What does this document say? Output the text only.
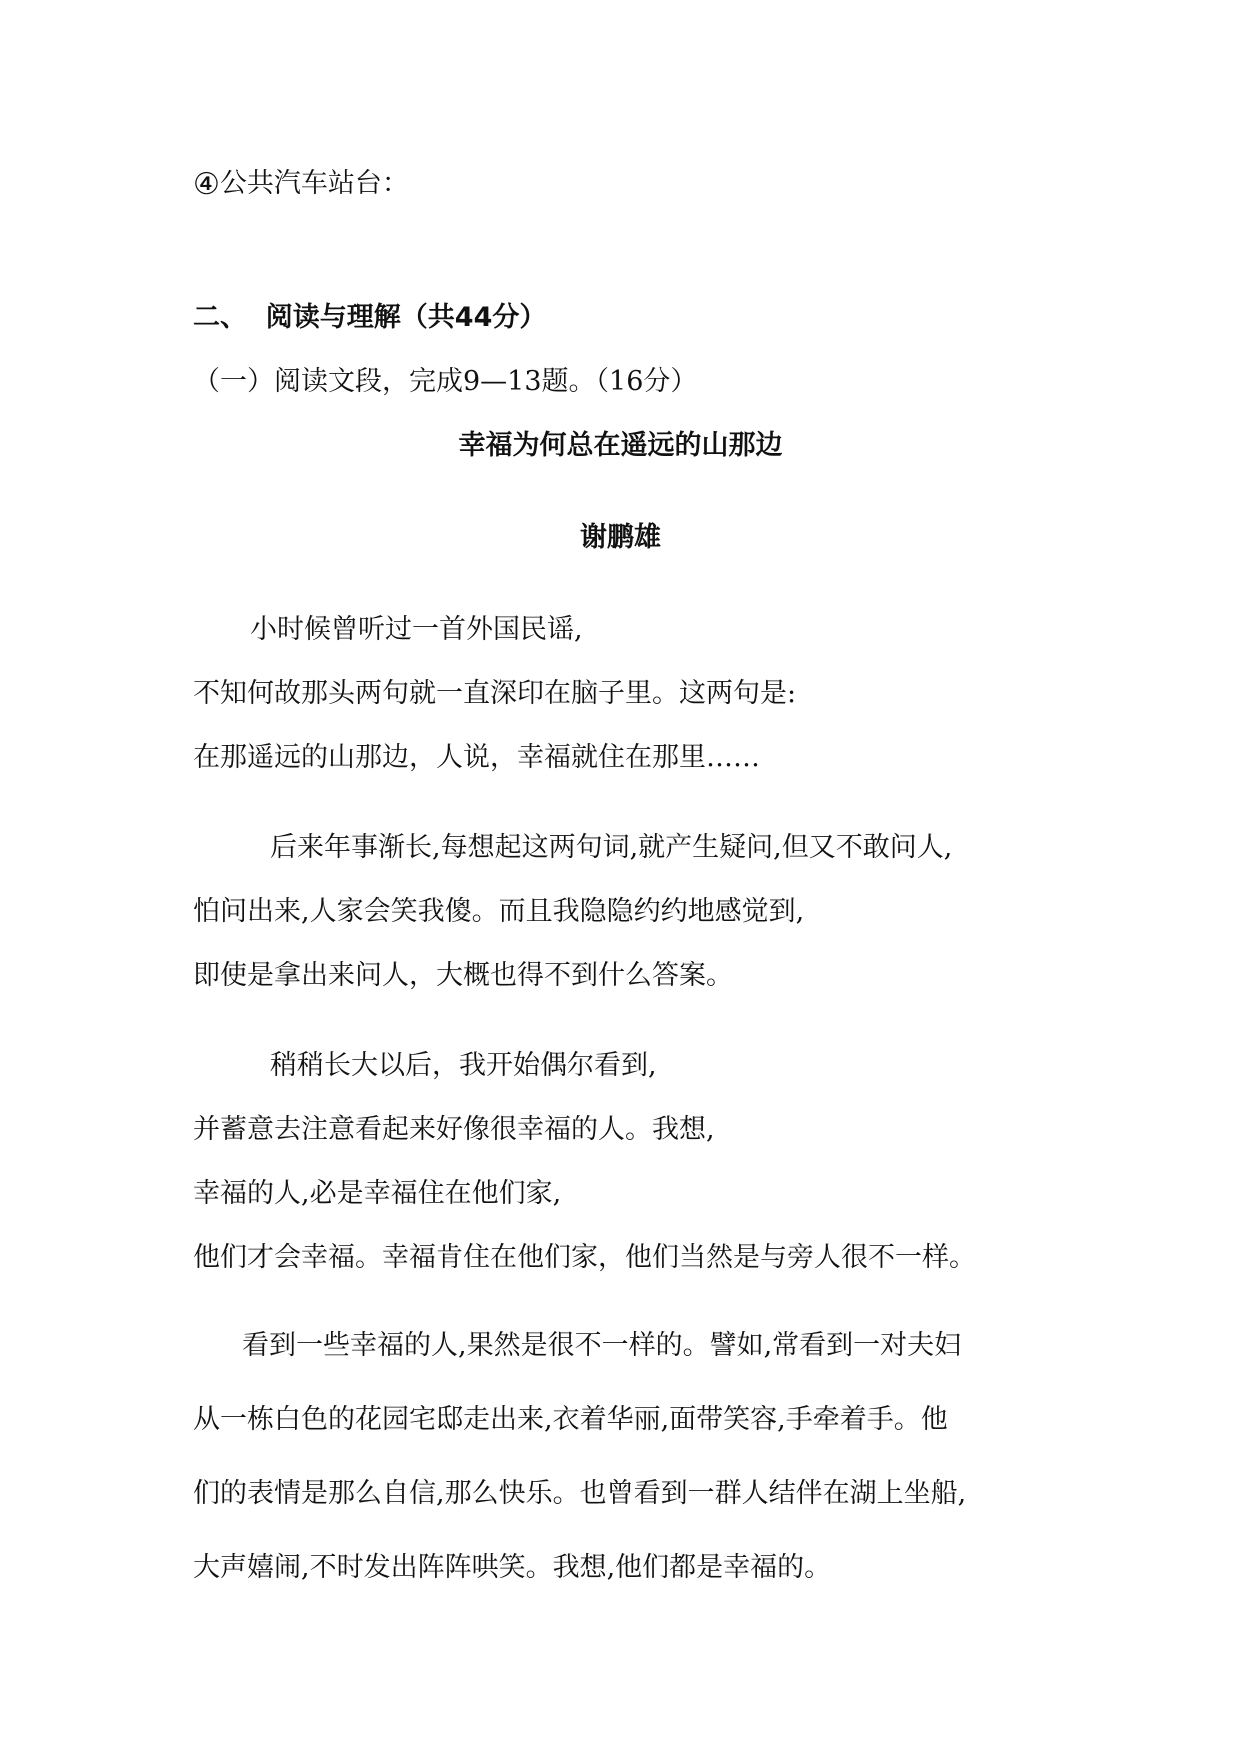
④公共汽车站台：
二、  阅读与理解（共44分）
（一）阅读文段，完成9—13题。（16分）
幸福为何总在遥远的山那边
谢鹏雄
小时候曾听过一首外国民谣,
不知何故那头两句就一直深印在脑子里。这两句是:
在那遥远的山那边，人说，幸福就住在那里……
后来年事渐长,每想起这两句词,就产生疑问,但又不敢问人,
怕问出来,人家会笑我傻。而且我隐隐约约地感觉到,
即使是拿出来问人，大概也得不到什么答案。
稍稍长大以后，我开始偶尔看到,
并蓄意去注意看起来好像很幸福的人。我想,
幸福的人,必是幸福住在他们家,
他们才会幸福。幸福肯住在他们家，他们当然是与旁人很不一样。
看到一些幸福的人,果然是很不一样的。譬如,常看到一对夫妇
从一栋白色的花园宅邸走出来,衣着华丽,面带笑容,手牵着手。他
们的表情是那么自信,那么快乐。也曾看到一群人结伴在湖上坐船,
大声嬉闹,不时发出阵阵哄笑。我想,他们都是幸福的。
